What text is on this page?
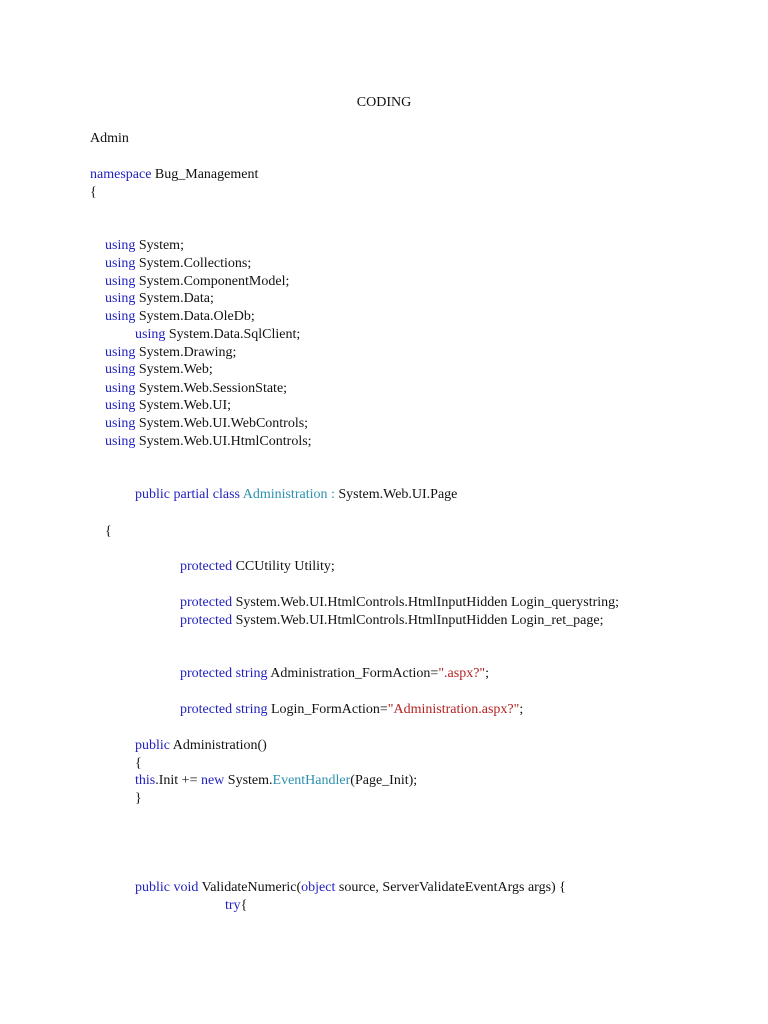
CODING
Admin
namespace Bug_Management
{
using System;
using System.Collections;
using System.ComponentModel;
using System.Data;
using System.Data.OleDb;
using System.Data.SqlClient;
using System.Drawing;
using System.Web;
using System.Web.SessionState;
using System.Web.UI;
using System.Web.UI.WebControls;
using System.Web.UI.HtmlControls;
public partial class Administration : System.Web.UI.Page
{
protected CCUtility Utility;
protected System.Web.UI.HtmlControls.HtmlInputHidden Login_querystring;
protected System.Web.UI.HtmlControls.HtmlInputHidden Login_ret_page;
protected string Administration_FormAction=".aspx?";
protected string Login_FormAction="Administration.aspx?";
public Administration()
{
this.Init += new System.EventHandler(Page_Init);
}
public void ValidateNumeric(object source, ServerValidateEventArgs args) {
try{
